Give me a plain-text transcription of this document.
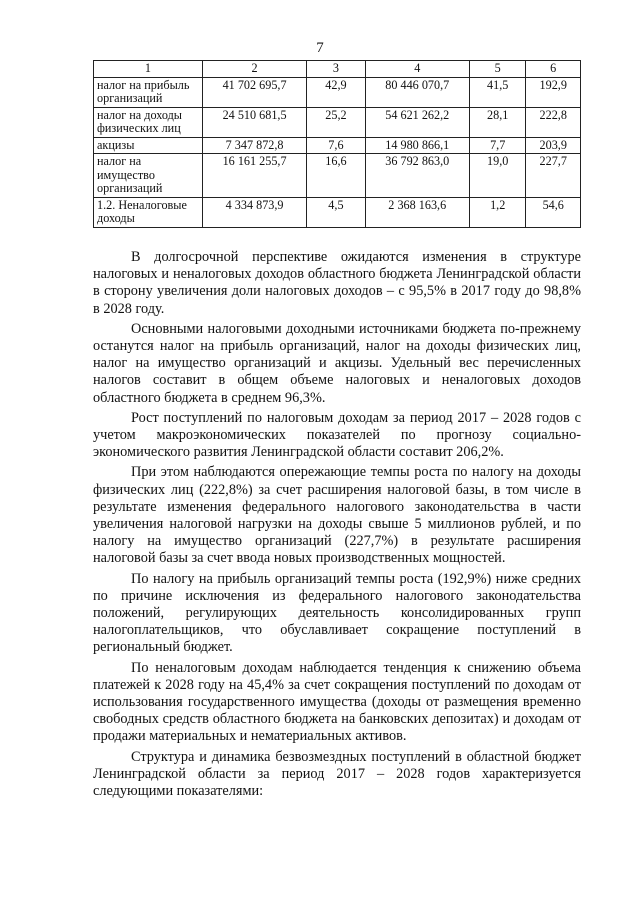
7
1	2	3	4	5	6
налог на прибыль организаций	41 702 695,7	42,9	80 446 070,7	41,5	192,9
налог на доходы физических лиц	24 510 681,5	25,2	54 621 262,2	28,1	222,8
акцизы	7 347 872,8	7,6	14 980 866,1	7,7	203,9
налог на имущество организаций	16 161 255,7	16,6	36 792 863,0	19,0	227,7
1.2. Неналоговые доходы	4 334 873,9	4,5	2 368 163,6	1,2	54,6

В долгосрочной перспективе ожидаются изменения в структуре налоговых и неналоговых доходов областного бюджета Ленинградской области в сторону увеличения доли налоговых доходов – с 95,5% в 2017 году до 98,8% в 2028 году.

Основными налоговыми доходными источниками бюджета по-прежнему останутся налог на прибыль организаций, налог на доходы физических лиц, налог на имущество организаций и акцизы. Удельный вес перечисленных налогов составит в общем объеме налоговых и неналоговых доходов областного бюджета в среднем 96,3%.

Рост поступлений по налоговым доходам за период 2017 – 2028 годов с учетом макроэкономических показателей по прогнозу социально-экономического развития Ленинградской области составит 206,2%.

При этом наблюдаются опережающие темпы роста по налогу на доходы физических лиц (222,8%) за счет расширения налоговой базы, в том числе в результате изменения федерального налогового законодательства в части увеличения налоговой нагрузки на доходы свыше 5 миллионов рублей, и по налогу на имущество организаций (227,7%) в результате расширения налоговой базы за счет ввода новых производственных мощностей.

По налогу на прибыль организаций темпы роста (192,9%) ниже средних по причине исключения из федерального налогового законодательства положений, регулирующих деятельность консолидированных групп налогоплательщиков, что обуславливает сокращение поступлений в региональный бюджет.

По неналоговым доходам наблюдается тенденция к снижению объема платежей к 2028 году на 45,4% за счет сокращения поступлений по доходам от использования государственного имущества (доходы от размещения временно свободных средств областного бюджета на банковских депозитах) и доходам от продажи материальных и нематериальных активов.

Структура и динамика безвозмездных поступлений в областной бюджет Ленинградской области за период 2017 – 2028 годов характеризуется следующими показателями:
